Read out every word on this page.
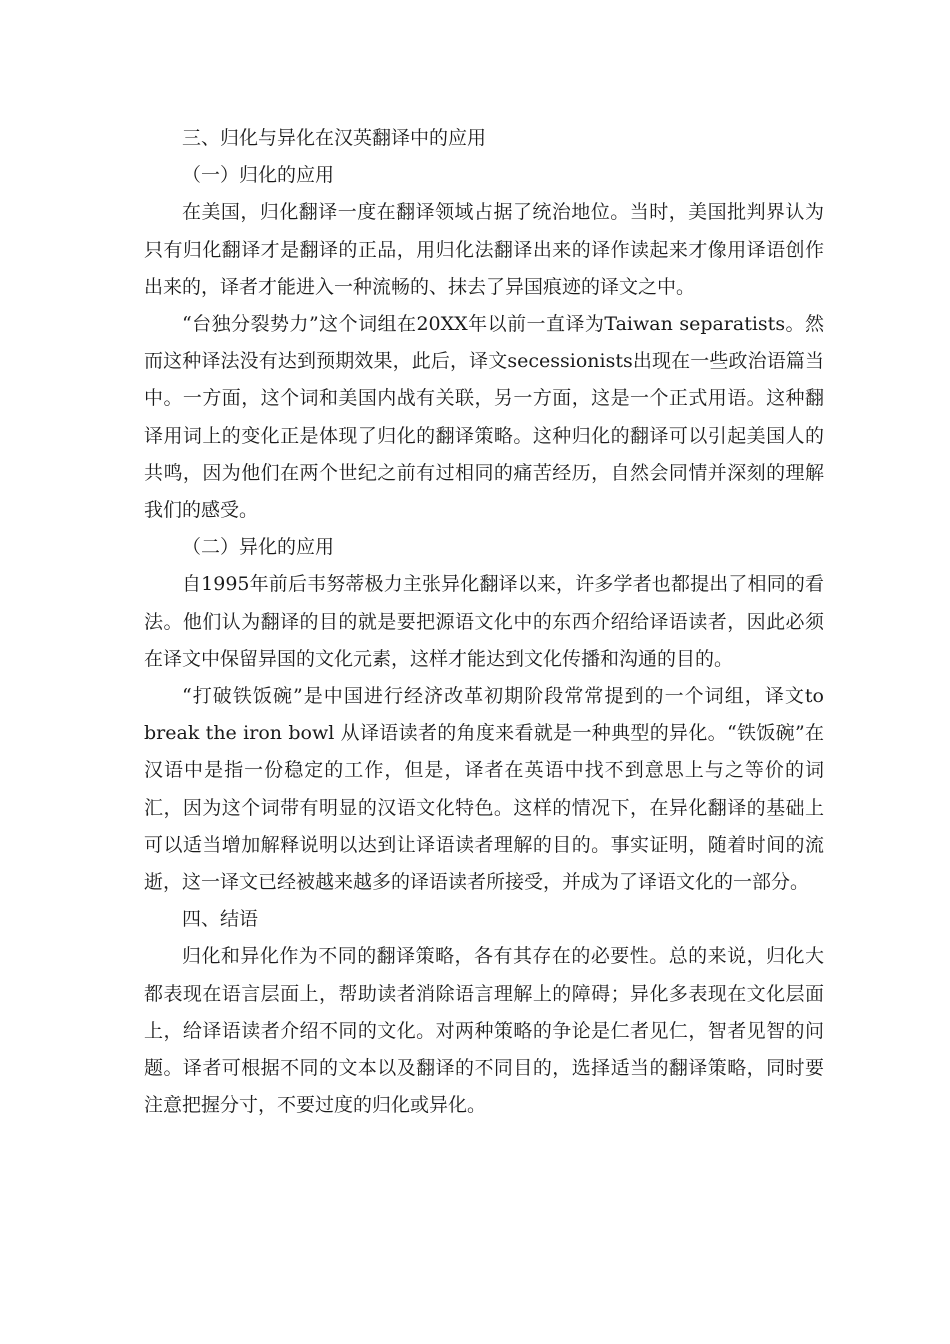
三、归化与异化在汉英翻译中的应用

（一）归化的应用

在美国，归化翻译一度在翻译领域占据了统治地位。当时，美国批判界认为只有归化翻译才是翻译的正品，用归化法翻译出来的译作读起来才像用译语创作出来的，译者才能进入一种流畅的、抹去了异国痕迹的译文之中。

“台独分裂势力”这个词组在20XX年以前一直译为Taiwan separatists。然而这种译法没有达到预期效果，此后，译文secessionists出现在一些政治语篇当中。一方面，这个词和美国内战有关联，另一方面，这是一个正式用语。这种翻译用词上的变化正是体现了归化的翻译策略。这种归化的翻译可以引起美国人的共鸣，因为他们在两个世纪之前有过相同的痛苦经历，自然会同情并深刻的理解我们的感受。

（二）异化的应用

自1995年前后韦努蒂极力主张异化翻译以来，许多学者也都提出了相同的看法。他们认为翻译的目的就是要把源语文化中的东西介绍给译语读者，因此必须在译文中保留异国的文化元素，这样才能达到文化传播和沟通的目的。

“打破铁饭碗”是中国进行经济改革初期阶段常常提到的一个词组，译文to break the iron bowl 从译语读者的角度来看就是一种典型的异化。“铁饭碗”在汉语中是指一份稳定的工作，但是，译者在英语中找不到意思上与之等价的词汇，因为这个词带有明显的汉语文化特色。这样的情况下，在异化翻译的基础上可以适当增加解释说明以达到让译语读者理解的目的。事实证明，随着时间的流逝，这一译文已经被越来越多的译语读者所接受，并成为了译语文化的一部分。

四、结语

归化和异化作为不同的翻译策略，各有其存在的必要性。总的来说，归化大都表现在语言层面上，帮助读者消除语言理解上的障碍；异化多表现在文化层面上，给译语读者介绍不同的文化。对两种策略的争论是仁者见仁，智者见智的问题。译者可根据不同的文本以及翻译的不同目的，选择适当的翻译策略，同时要注意把握分寸，不要过度的归化或异化。
